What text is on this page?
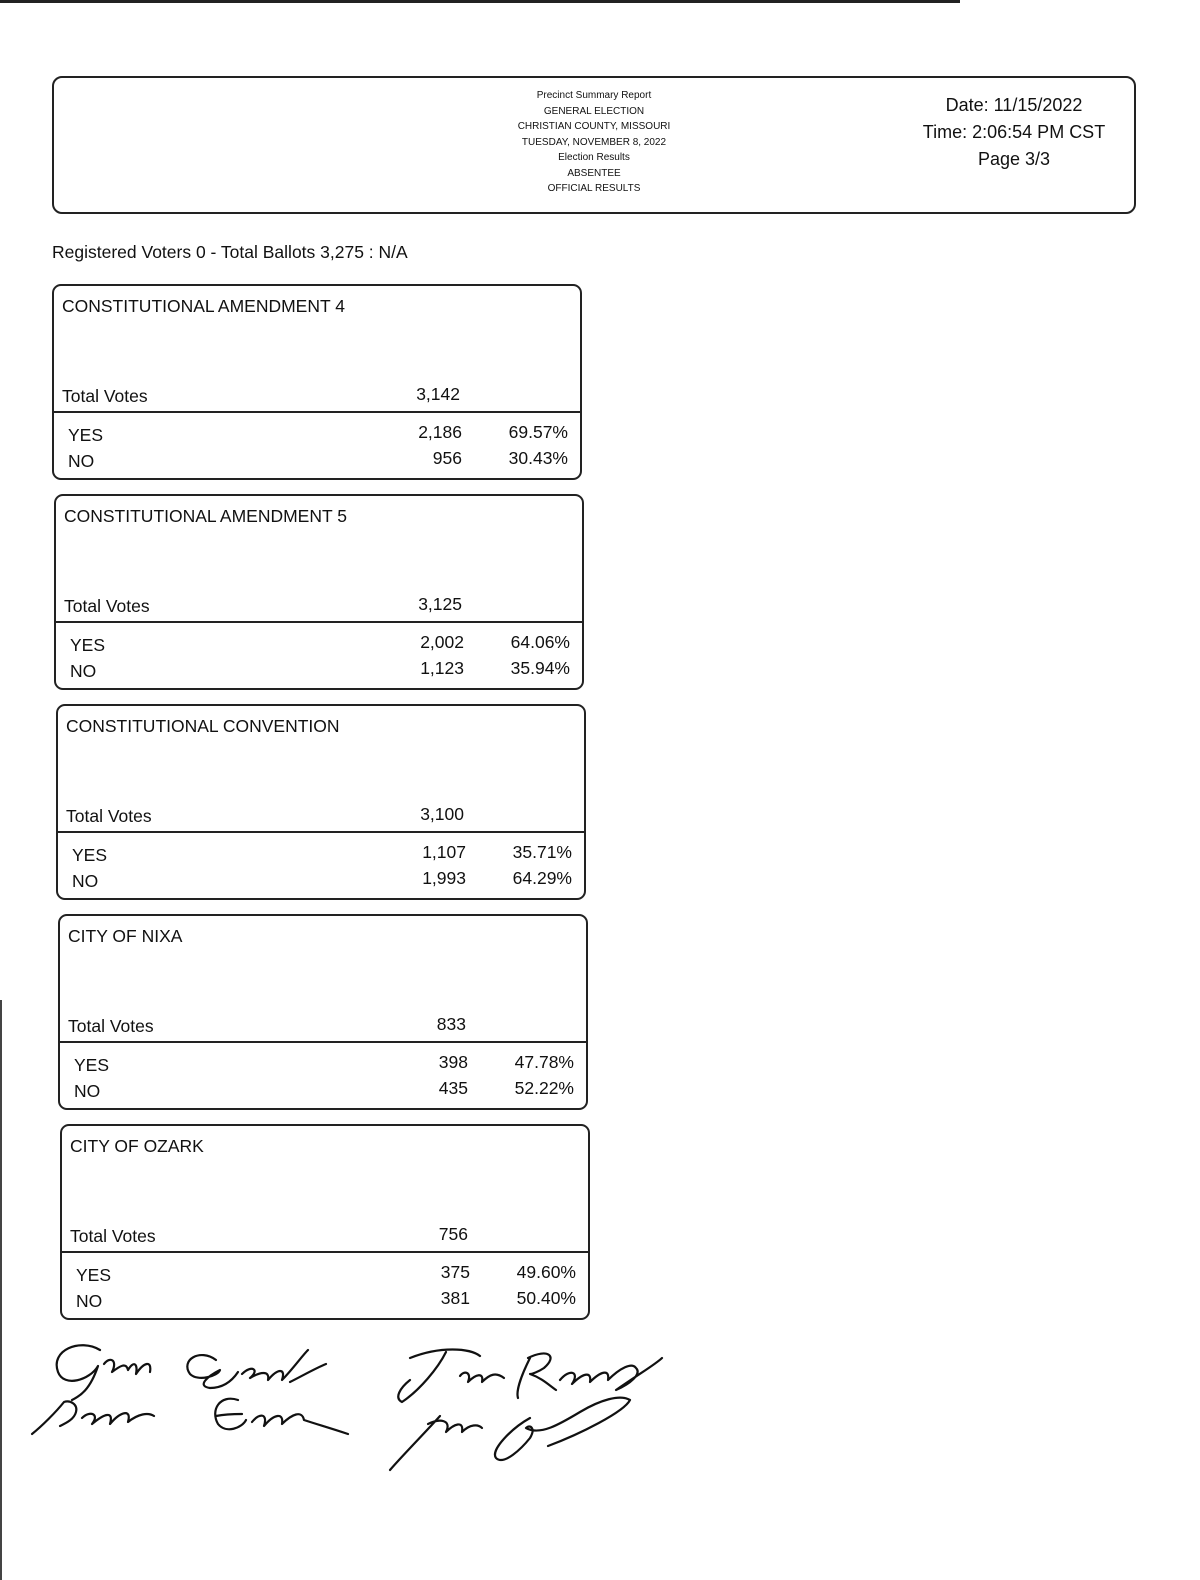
Precinct Summary Report
GENERAL ELECTION
CHRISTIAN COUNTY, MISSOURI
TUESDAY, NOVEMBER 8, 2022
Election Results
ABSENTEE
OFFICIAL RESULTS
Date: 11/15/2022
Time: 2:06:54 PM CST
Page 3/3
Registered Voters 0 - Total Ballots 3,275 : N/A
CONSTITUTIONAL AMENDMENT 4
Total Votes	3,142
YES	2,186	69.57%
NO	956	30.43%
CONSTITUTIONAL AMENDMENT 5
Total Votes	3,125
YES	2,002	64.06%
NO	1,123	35.94%
CONSTITUTIONAL CONVENTION
Total Votes	3,100
YES	1,107	35.71%
NO	1,993	64.29%
CITY OF NIXA
Total Votes	833
YES	398	47.78%
NO	435	52.22%
CITY OF OZARK
Total Votes	756
YES	375	49.60%
NO	381	50.40%
